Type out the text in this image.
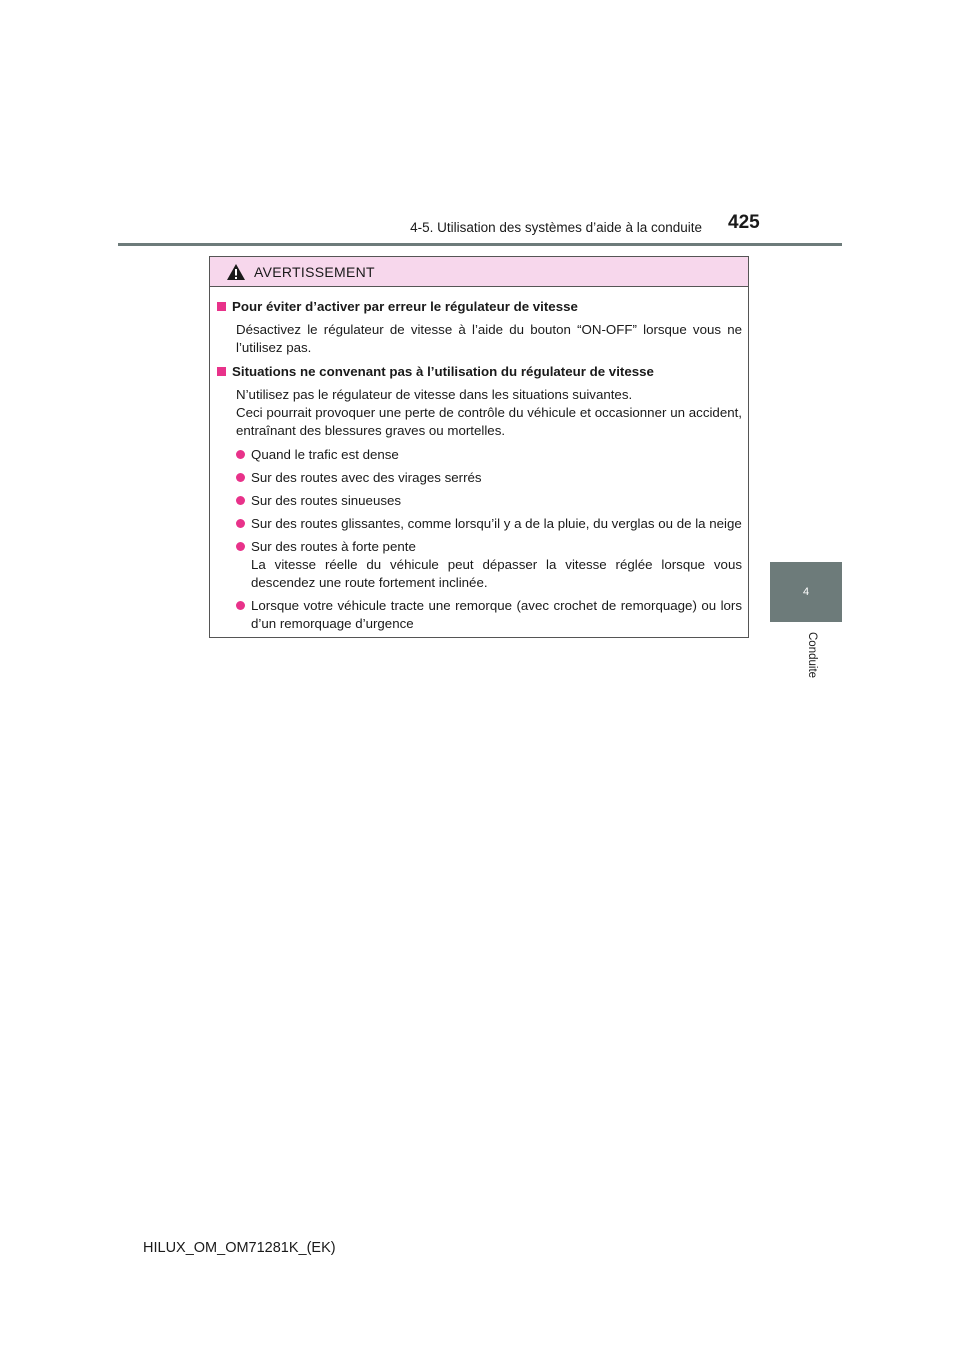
4-5. Utilisation des systèmes d’aide à la conduite 425
4
Conduite
AVERTISSEMENT
Pour éviter d’activer par erreur le régulateur de vitesse
Désactivez le régulateur de vitesse à l’aide du bouton “ON-OFF” lorsque vous ne l’utilisez pas.
Situations ne convenant pas à l’utilisation du régulateur de vitesse
N’utilisez pas le régulateur de vitesse dans les situations suivantes.
Ceci pourrait provoquer une perte de contrôle du véhicule et occasionner un accident, entraînant des blessures graves ou mortelles.
Quand le trafic est dense
Sur des routes avec des virages serrés
Sur des routes sinueuses
Sur des routes glissantes, comme lorsqu’il y a de la pluie, du verglas ou de la neige
Sur des routes à forte pente
La vitesse réelle du véhicule peut dépasser la vitesse réglée lorsque vous descendez une route fortement inclinée.
Lorsque votre véhicule tracte une remorque (avec crochet de remorquage) ou lors d’un remorquage d’urgence
HILUX_OM_OM71281K_(EK)
